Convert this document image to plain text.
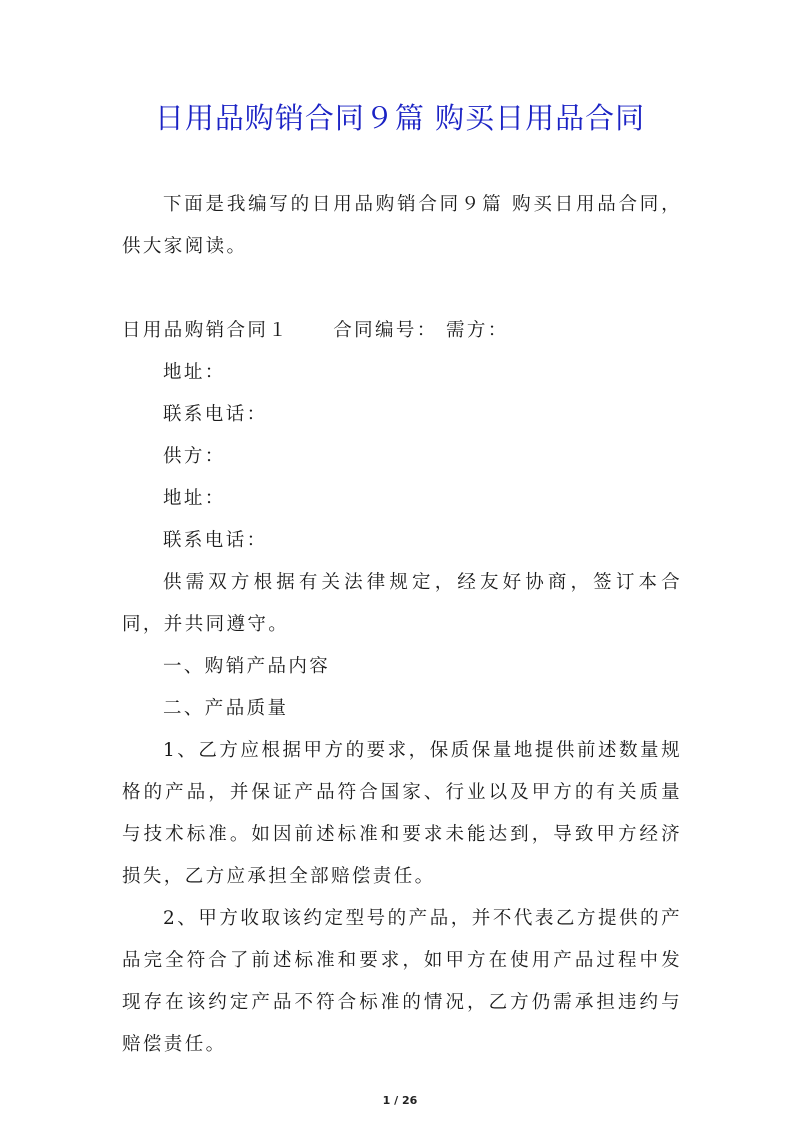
日用品购销合同９篇 购买日用品合同

下面是我编写的日用品购销合同９篇 购买日用品合同，供大家阅读。

日用品购销合同１ 合同编号： 需方：

地址：

联系电话：

供方：

地址：

联系电话：

供需双方根据有关法律规定，经友好协商，签订本合同，并共同遵守。

一、购销产品内容

二、产品质量

1、乙方应根据甲方的要求，保质保量地提供前述数量规格的产品，并保证产品符合国家、行业以及甲方的有关质量与技术标准。如因前述标准和要求未能达到，导致甲方经济损失，乙方应承担全部赔偿责任。

2、甲方收取该约定型号的产品，并不代表乙方提供的产品完全符合了前述标准和要求，如甲方在使用产品过程中发现存在该约定产品不符合标准的情况，乙方仍需承担违约与赔偿责任。

1 / 26
